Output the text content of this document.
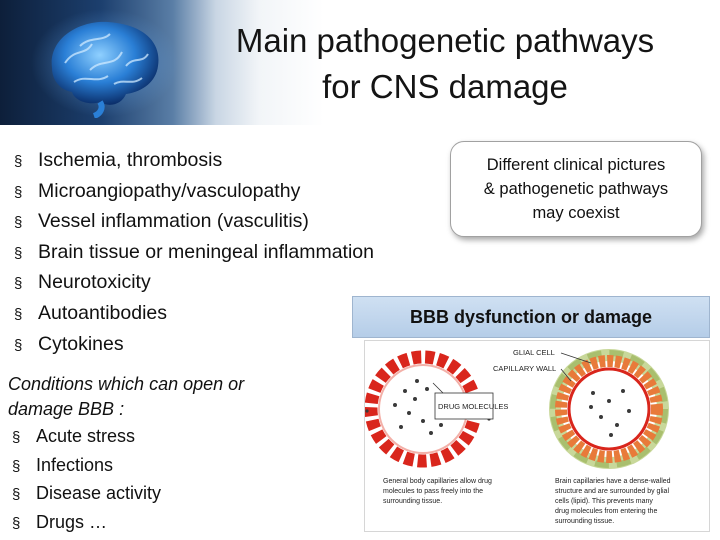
Main pathogenetic pathways
for CNS damage
§ Ischemia, thrombosis
§ Microangiopathy/vasculopathy
§ Vessel inflammation (vasculitis)
§ Brain tissue or meningeal inflammation
§ Neurotoxicity
§ Autoantibodies
§ Cytokines
Different clinical pictures
& pathogenetic pathways
may coexist
BBB dysfunction or damage
Conditions which can open or damage BBB :
§ Acute stress
§ Infections
§ Disease activity
§ Drugs …
DRUG MOLECULES
GLIAL CELL
CAPILLARY WALL
General body capillaries allow drug
molecules to pass freely into the
surrounding tissue.
Brain capillaries have a dense-walled
structure and are surrounded by glial
cells (lipid). This prevents many
drug molecules from entering the
surrounding tissue.
